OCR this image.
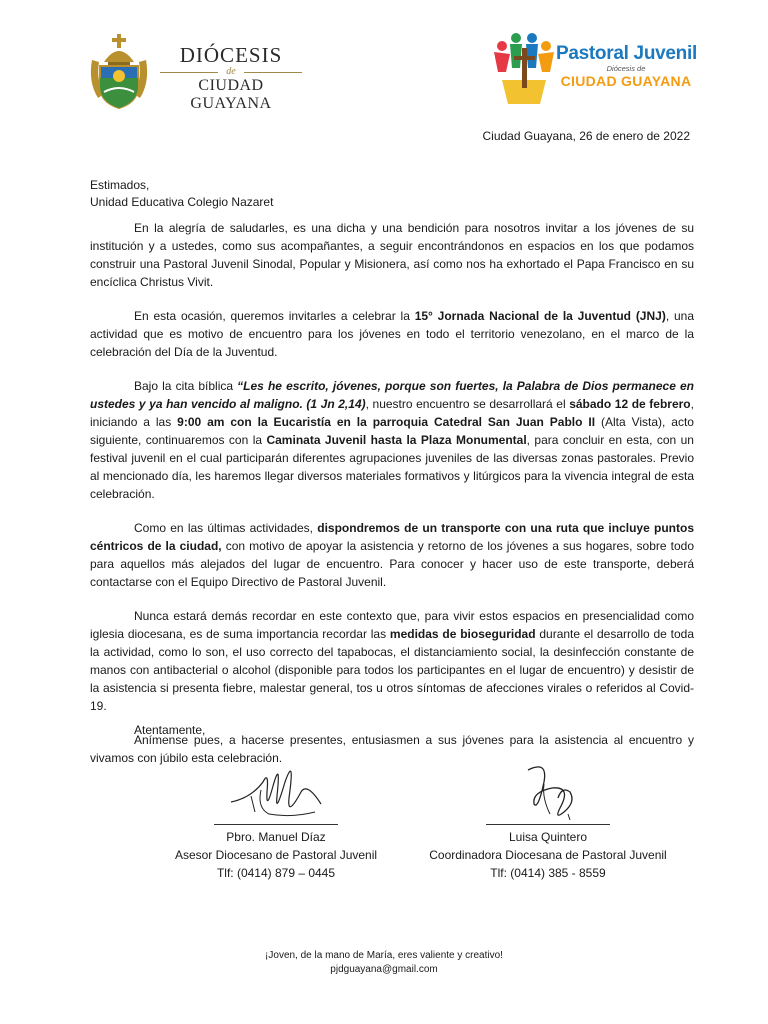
DIÓCESIS
de
CIUDAD GUAYANA
Pastoral Juvenil
Diócesis de
CIUDAD GUAYANA
Ciudad Guayana, 26 de enero de 2022
Estimados,
Unidad Educativa Colegio Nazaret

En la alegría de saludarles, es una dicha y una bendición para nosotros invitar a los jóvenes de su institución y a ustedes, como sus acompañantes, a seguir encontrándonos en espacios en los que podamos construir una Pastoral Juvenil Sinodal, Popular y Misionera, así como nos ha exhortado el Papa Francisco en su encíclica Christus Vivit.

En esta ocasión, queremos invitarles a celebrar la 15° Jornada Nacional de la Juventud (JNJ), una actividad que es motivo de encuentro para los jóvenes en todo el territorio venezolano, en el marco de la celebración del Día de la Juventud.

Bajo la cita bíblica “Les he escrito, jóvenes, porque son fuertes, la Palabra de Dios permanece en ustedes y ya han vencido al maligno. (1 Jn 2,14), nuestro encuentro se desarrollará el sábado 12 de febrero, iniciando a las 9:00 am con la Eucaristía en la parroquia Catedral San Juan Pablo II (Alta Vista), acto siguiente, continuaremos con la Caminata Juvenil hasta la Plaza Monumental, para concluir en esta, con un festival juvenil en el cual participarán diferentes agrupaciones juveniles de las diversas zonas pastorales. Previo al mencionado día, les haremos llegar diversos materiales formativos y litúrgicos para la vivencia integral de esta celebración.

Como en las últimas actividades, dispondremos de un transporte con una ruta que incluye puntos céntricos de la ciudad, con motivo de apoyar la asistencia y retorno de los jóvenes a sus hogares, sobre todo para aquellos más alejados del lugar de encuentro. Para conocer y hacer uso de este transporte, deberá contactarse con el Equipo Directivo de Pastoral Juvenil.

Nunca estará demás recordar en este contexto que, para vivir estos espacios en presencialidad como iglesia diocesana, es de suma importancia recordar las medidas de bioseguridad durante el desarrollo de toda la actividad, como lo son, el uso correcto del tapabocas, el distanciamiento social, la desinfección constante de manos con antibacterial o alcohol (disponible para todos los participantes en el lugar de encuentro) y desistir de la asistencia si presenta fiebre, malestar general, tos u otros síntomas de afecciones virales o referidos al Covid-19.

Anímense pues, a hacerse presentes, entusiasmen a sus jóvenes para la asistencia al encuentro y vivamos con júbilo esta celebración.

Atentamente,
Pbro. Manuel Díaz
Asesor Diocesano de Pastoral Juvenil
Tlf: (0414) 879 – 0445
Luisa Quintero
Coordinadora Diocesana de Pastoral Juvenil
Tlf: (0414) 385 - 8559
¡Joven, de la mano de María, eres valiente y creativo!
pjdguayana@gmail.com
